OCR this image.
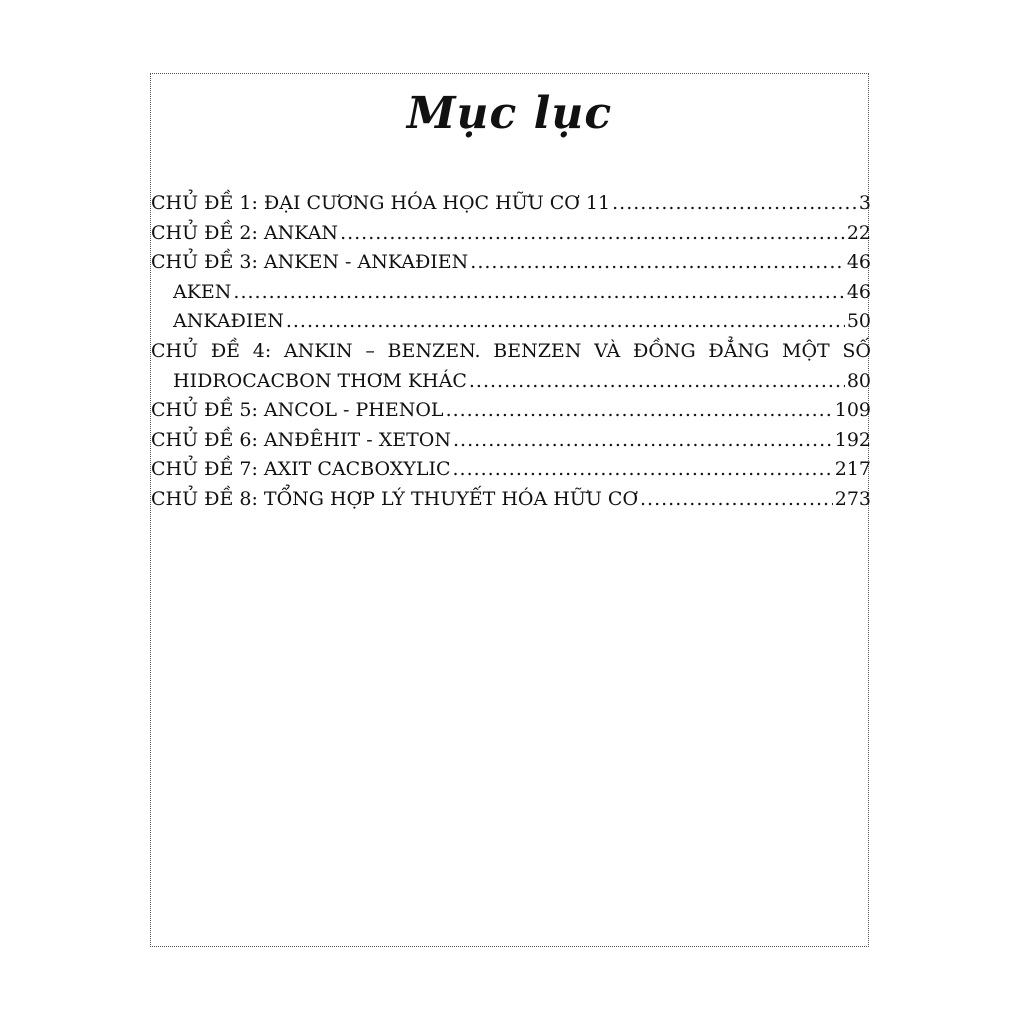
Mục lục
CHỦ ĐỀ 1: ĐẠI CƯƠNG HÓA HỌC HỮU CƠ 11 .....	3
CHỦ ĐỀ 2: ANKAN .....	22
CHỦ ĐỀ 3: ANKEN - ANKAĐIEN .....	46
AKEN .....	46
ANKAĐIEN .....	50
CHỦ ĐỀ 4: ANKIN – BENZEN. BENZEN VÀ ĐỒNG ĐẲNG MỘT SỐ
HIDROCACBON THƠM KHÁC .....	80
CHỦ ĐỀ 5: ANCOL - PHENOL .....	109
CHỦ ĐỀ 6: ANĐÊHIT - XETON .....	192
CHỦ ĐỀ 7: AXIT CACBOXYLIC .....	217
CHỦ ĐỀ 8: TỔNG HỢP LÝ THUYẾT HÓA HỮU CƠ .....	273
